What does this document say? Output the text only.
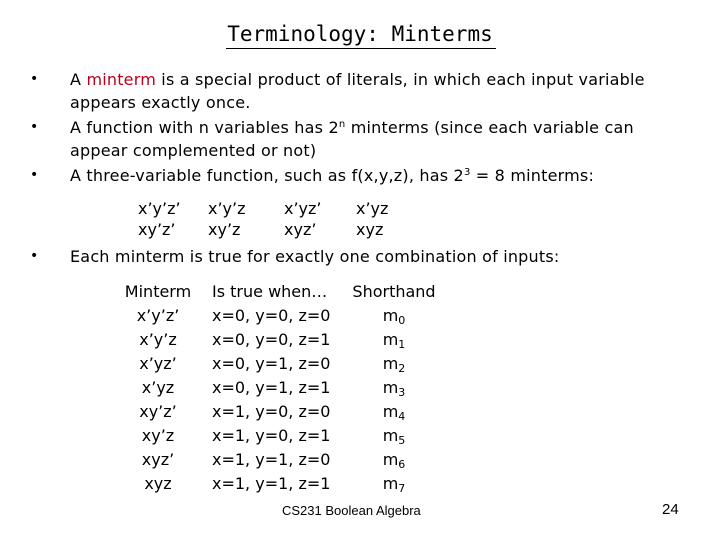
Terminology: Minterms
• A minterm is a special product of literals, in which each input variable
appears exactly once.
• A function with n variables has 2$^n$ minterms (since each variable can
appear complemented or not)
• A three-variable function, such as f(x,y,z), has $2^3 = 8$ minterms:
x’y’z’ x’y’z x’yz’ x’yz
xy’z’ xy’z	xyz’ xyz
• Each minterm is true for exactly one combination of inputs:
Minterm
x’y’z’
x’y’z
x’yz’
x’yz
xy’z’
xy’z
xyz’
xyz
Is true when…
x=0, y=0, z=0
x=0, y=0, z=1
x=0, y=1, z=0
x=0, y=1, z=1
x=1, y=0, z=0
x=1, y=0, z=1
x=1, y=1, z=0
x=1, y=1, z=1
Shorthand
$m_0$
$m_1$
$m_2$
$m_3$
$m_4$
$m_5$
$m_6$
$m_7$
CS231 Boolean Algebra	24
